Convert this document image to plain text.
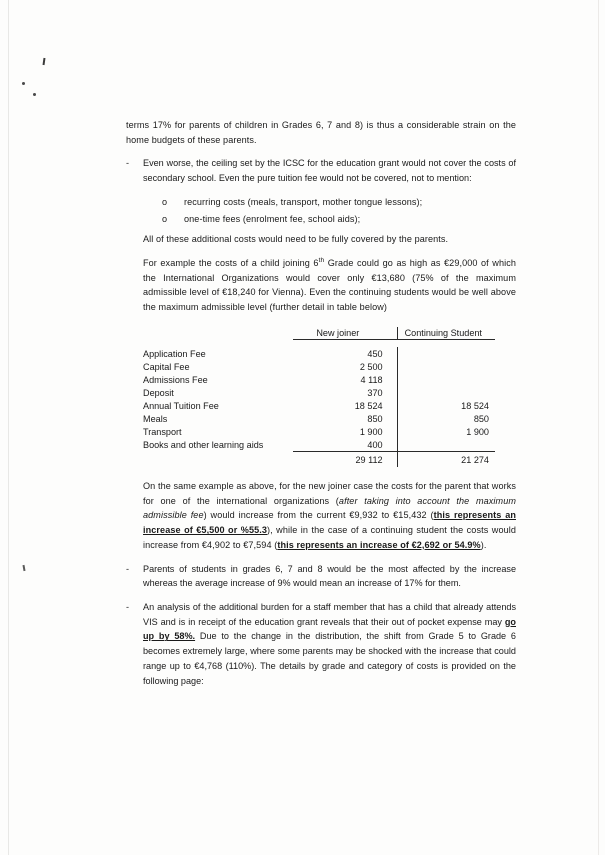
terms 17% for parents of children in Grades 6, 7 and 8) is thus a considerable strain on the home budgets of these parents.

-	Even worse, the ceiling set by the ICSC for the education grant would not cover the costs of secondary school. Even the pure tuition fee would not be covered, not to mention:
o	recurring costs (meals, transport, mother tongue lessons);
o	one-time fees (enrolment fee, school aids);

All of these additional costs would need to be fully covered by the parents.

For example the costs of a child joining 6th Grade could go as high as €29,000 of which the International Organizations would cover only €13,680 (75% of the maximum admissible level of €18,240 for Vienna). Even the continuing students would be well above the maximum admissible level (further detail in table below)

	New joiner	Continuing Student

Application Fee	450	
Capital Fee	2 500	
Admissions Fee	4 118	
Deposit	370	
Annual Tuition Fee	18 524	18 524
Meals	850	850
Transport	1 900	1 900
Books and other learning aids	400	
	29 112	21 274

On the same example as above, for the new joiner case the costs for the parent that works for one of the international organizations (after taking into account the maximum admissible fee) would increase from the current €9,932 to €15,432 (this represents an increase of €5,500 or %55.3), while in the case of a continuing student the costs would increase from €4,902 to €7,594 (this represents an increase of €2,692 or 54.9%).

-	Parents of students in grades 6, 7 and 8 would be the most affected by the increase whereas the average increase of 9% would mean an increase of 17% for them.
-	An analysis of the additional burden for a staff member that has a child that already attends VIS and is in receipt of the education grant reveals that their out of pocket expense may go up by 58%. Due to the change in the distribution, the shift from Grade 5 to Grade 6 becomes extremely large, where some parents may be shocked with the increase that could range up to €4,768 (110%). The details by grade and category of costs is provided on the following page:
